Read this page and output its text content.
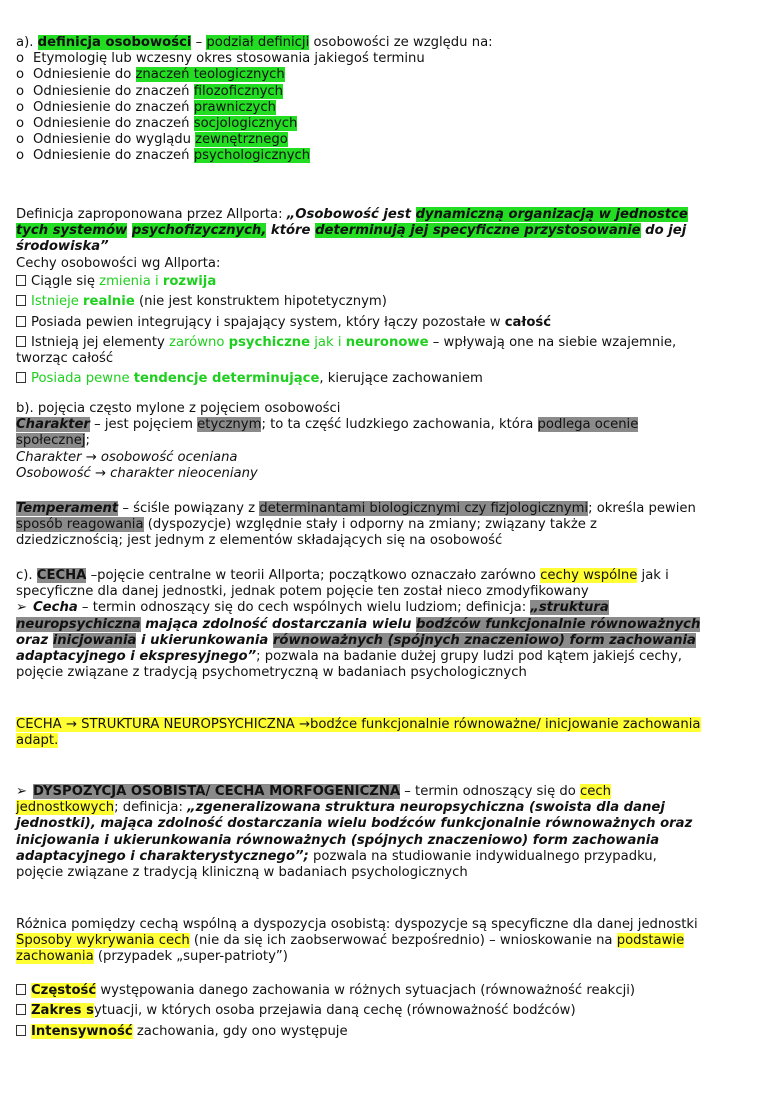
a). definicja osobowości – podział definicji osobowości ze względu na:
o Etymologię lub wczesny okres stosowania jakiegoś terminu
o Odniesienie do znaczeń teologicznych
o Odniesienie do znaczeń filozoficznych
o Odniesienie do znaczeń prawniczych
o Odniesienie do znaczeń socjologicznych
o Odniesienie do wyglądu zewnętrznego
o Odniesienie do znaczeń psychologicznych
Definicja zaproponowana przez Allporta: „Osobowość jest dynamiczną organizacją w jednostce tych systemów psychofizycznych, które determinują jej specyficzne przystosowanie do jej środowiska”
Cechy osobowości wg Allporta:
Ciągle się zmienia i rozwija
Istnieje realnie (nie jest konstruktem hipotetycznym)
Posiada pewien integrujący i spajający system, który łączy pozostałe w całość
Istnieją jej elementy zarówno psychiczne jak i neuronowe – wpływają one na siebie wzajemnie, tworząc całość
Posiada pewne tendencje determinujące, kierujące zachowaniem
b). pojęcia często mylone z pojęciem osobowości
Charakter – jest pojęciem etycznym; to ta część ludzkiego zachowania, która podlega ocenie społecznej;
Charakter → osobowość oceniana
Osobowość → charakter nieoceniany
Temperament – ściśle powiązany z determinantami biologicznymi czy fizjologicznymi; określa pewien sposób reagowania (dyspozycje) względnie stały i odporny na zmiany; związany także z dziedzicznością; jest jednym z elementów składających się na osobowość
c). CECHA –pojęcie centralne w teorii Allporta; początkowo oznaczało zarówno cechy wspólne jak i specyficzne dla danej jednostki, jednak potem pojęcie ten został nieco zmodyfikowany
➢ Cecha – termin odnoszący się do cech wspólnych wielu ludziom; definicja: „struktura neuropsychiczna mająca zdolność dostarczania wielu bodźców funkcjonalnie równoważnych oraz inicjowania i ukierunkowania równoważnych (spójnych znaczeniowo) form zachowania adaptacyjnego i ekspresyjnego”; pozwala na badanie dużej grupy ludzi pod kątem jakiejś cechy, pojęcie związane z tradycją psychometryczną w badaniach psychologicznych
CECHA → STRUKTURA NEUROPSYCHICZNA →bodźce funkcjonalnie równoważne/ inicjowanie zachowania adapt.
➢ DYSPOZYCJA OSOBISTA/ CECHA MORFOGENICZNA – termin odnoszący się do cech jednostkowych; definicja: „zgeneralizowana struktura neuropsychiczna (swoista dla danej jednostki), mająca zdolność dostarczania wielu bodźców funkcjonalnie równoważnych oraz inicjowania i ukierunkowania równoważnych (spójnych znaczeniowo) form zachowania adaptacyjnego i charakterystycznego”; pozwala na studiowanie indywidualnego przypadku, pojęcie związane z tradycją kliniczną w badaniach psychologicznych
Różnica pomiędzy cechą wspólną a dyspozycja osobistą: dyspozycje są specyficzne dla danej jednostki
Sposoby wykrywania cech (nie da się ich zaobserwować bezpośrednio) – wnioskowanie na podstawie zachowania (przypadek „super-patrioty”)
Częstość występowania danego zachowania w różnych sytuacjach (równoważność reakcji)
Zakres sytuacji, w których osoba przejawia daną cechę (równoważność bodźców)
Intensywność zachowania, gdy ono występuje
